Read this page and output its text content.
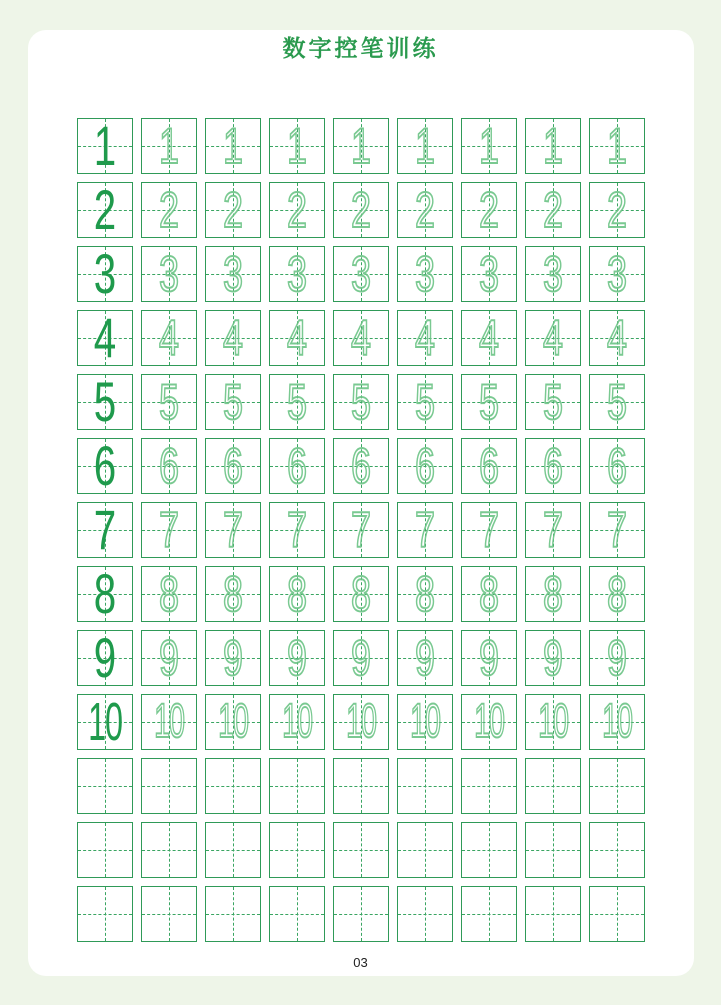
数字控笔训练
1 1 1 1 1 1 1 1 1
2 2 2 2 2 2 2 2 2
3 3 3 3 3 3 3 3 3
4 4 4 4 4 4 4 4 4
5 5 5 5 5 5 5 5 5
6 6 6 6 6 6 6 6 6
7 7 7 7 7 7 7 7 7
8 8 8 8 8 8 8 8 8
9 9 9 9 9 9 9 9 9
10 10 10 10 10 10 10 10 10
03
